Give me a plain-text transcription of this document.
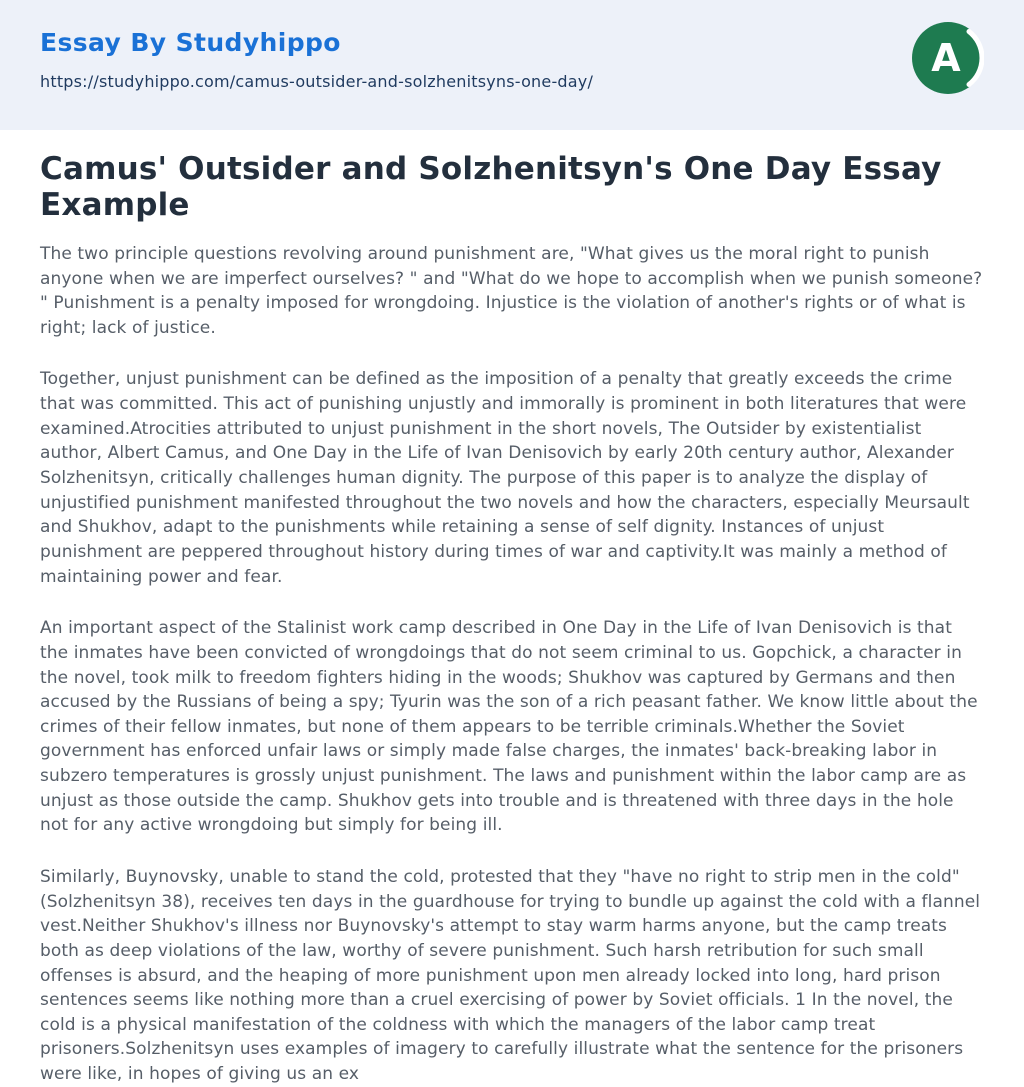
Essay By Studyhippo
https://studyhippo.com/camus-outsider-and-solzhenitsyns-one-day/
A
Camus' Outsider and Solzhenitsyn's One Day Essay Example

The two principle questions revolving around punishment are, "What gives us the moral right to punish anyone when we are imperfect ourselves? " and "What do we hope to accomplish when we punish someone? " Punishment is a penalty imposed for wrongdoing. Injustice is the violation of another's rights or of what is right; lack of justice.

Together, unjust punishment can be defined as the imposition of a penalty that greatly exceeds the crime that was committed. This act of punishing unjustly and immorally is prominent in both literatures that were examined.Atrocities attributed to unjust punishment in the short novels, The Outsider by existentialist author, Albert Camus, and One Day in the Life of Ivan Denisovich by early 20th century author, Alexander Solzhenitsyn, critically challenges human dignity. The purpose of this paper is to analyze the display of unjustified punishment manifested throughout the two novels and how the characters, especially Meursault and Shukhov, adapt to the punishments while retaining a sense of self dignity. Instances of unjust punishment are peppered throughout history during times of war and captivity.It was mainly a method of maintaining power and fear.

An important aspect of the Stalinist work camp described in One Day in the Life of Ivan Denisovich is that the inmates have been convicted of wrongdoings that do not seem criminal to us. Gopchick, a character in the novel, took milk to freedom fighters hiding in the woods; Shukhov was captured by Germans and then accused by the Russians of being a spy; Tyurin was the son of a rich peasant father. We know little about the crimes of their fellow inmates, but none of them appears to be terrible criminals.Whether the Soviet government has enforced unfair laws or simply made false charges, the inmates' back-breaking labor in subzero temperatures is grossly unjust punishment. The laws and punishment within the labor camp are as unjust as those outside the camp. Shukhov gets into trouble and is threatened with three days in the hole not for any active wrongdoing but simply for being ill.

Similarly, Buynovsky, unable to stand the cold, protested that they "have no right to strip men in the cold" (Solzhenitsyn 38), receives ten days in the guardhouse for trying to bundle up against the cold with a flannel vest.Neither Shukhov's illness nor Buynovsky's attempt to stay warm harms anyone, but the camp treats both as deep violations of the law, worthy of severe punishment. Such harsh retribution for such small offenses is absurd, and the heaping of more punishment upon men already locked into long, hard prison sentences seems like nothing more than a cruel exercising of power by Soviet officials. 1 In the novel, the cold is a physical manifestation of the coldness with which the managers of the labor camp treat prisoners.Solzhenitsyn uses examples of imagery to carefully illustrate what the sentence for the prisoners were like, in hopes of giving us an ex
